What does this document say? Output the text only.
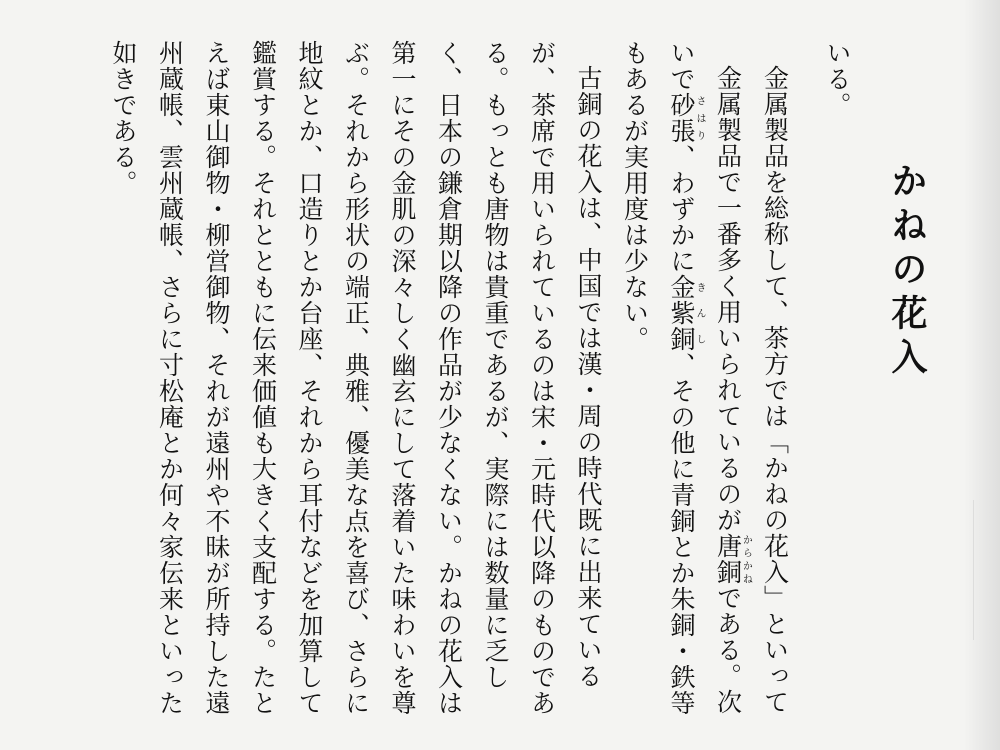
かねの花入

いる。

金属製品を総称して、茶方では「かねの花入」といって

金属製品で一番多く用いられているのが唐銅からかねである。次いで砂張さはり、わずかに金紫銅きんし、その他に青銅とか朱銅・鉄等もあるが実用度は少ない。

古銅の花入は、中国では漢・周の時代既に出来ているが、茶席で用いられているのは宋・元時代以降のものである。もっとも唐物は貴重であるが、実際には数量に乏しく、日本の鎌倉期以降の作品が少なくない。かねの花入は第一にその金肌の深々しく幽玄にして落着いた味わいを尊ぶ。それから形状の端正、典雅、優美な点を喜び、さらに地紋とか、口造りとか台座、それから耳付などを加算して鑑賞する。それとともに伝来価値も大きく支配する。たとえば東山御物・柳営御物、それが遠州や不昧が所持した遠州蔵帳、雲州蔵帳、さらに寸松庵とか何々家伝来といった如きである。
